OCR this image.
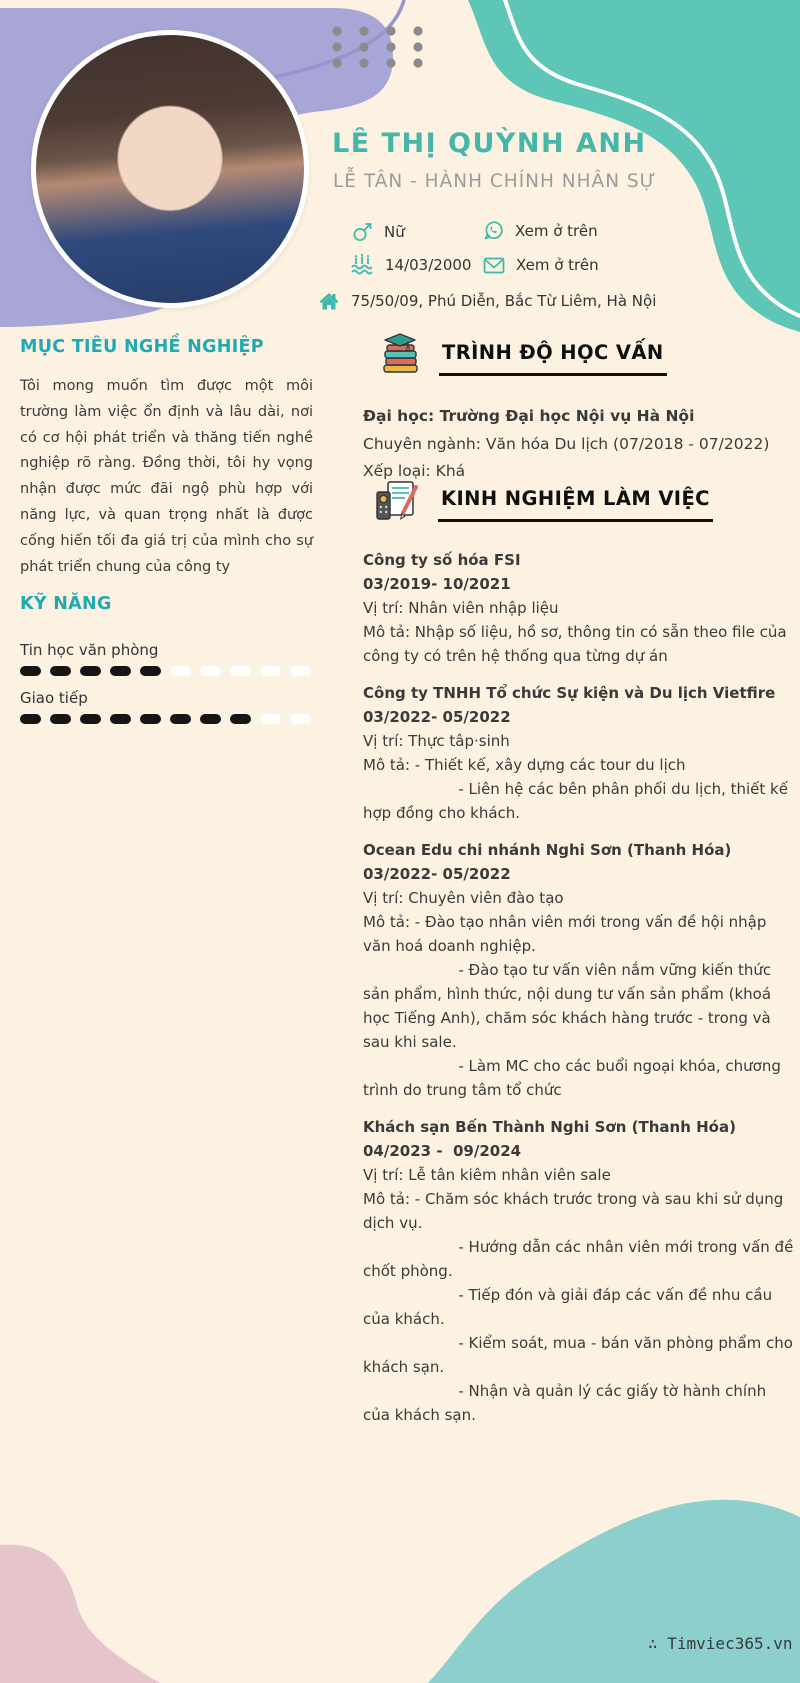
LÊ THỊ QUỲNH ANH
LỄ TÂN - HÀNH CHÍNH NHÂN SỰ
Nữ	Xem ở trên
14/03/2000	Xem ở trên
75/50/09, Phú Diễn, Bắc Từ Liêm, Hà Nội
MỤC TIÊU NGHỀ NGHIỆP
Tôi mong muốn tìm được một môi trường làm việc ổn định và lâu dài, nơi có cơ hội phát triển và thăng tiến nghề nghiệp rõ ràng. Đồng thời, tôi hy vọng nhận được mức đãi ngộ phù hợp với năng lực, và quan trọng nhất là được cống hiến tối đa giá trị của mình cho sự phát triển chung của công ty
KỸ NĂNG
Tin học văn phòng
Giao tiếp
TRÌNH ĐỘ HỌC VẤN
Đại học: Trường Đại học Nội vụ Hà Nội
Chuyên ngành: Văn hóa Du lịch (07/2018 - 07/2022)
Xếp loại: Khá
KINH NGHIỆM LÀM VIỆC
Công ty số hóa FSI
03/2019- 10/2021
Vị trí: Nhân viên nhập liệu
Mô tả: Nhập số liệu, hồ sơ, thông tin có sẵn theo file của công ty có trên hệ thống qua từng dự án
Công ty TNHH Tổ chức Sự kiện và Du lịch Vietfire
03/2022- 05/2022
Vị trí: Thực tâp·sinh
Mô tả: - Thiết kế, xây dựng các tour du lịch
- Liên hệ các bên phân phối du lịch, thiết kế hợp đồng cho khách.
Ocean Edu chi nhánh Nghi Sơn (Thanh Hóa)
03/2022- 05/2022
Vị trí: Chuyên viên đào tạo
Mô tả: - Đào tạo nhân viên mới trong vấn đề hội nhập văn hoá doanh nghiệp.
- Đào tạo tư vấn viên nắm vững kiến thức sản phẩm, hình thức, nội dung tư vấn sản phẩm (khoá học Tiếng Anh), chăm sóc khách hàng trước - trong và sau khi sale.
- Làm MC cho các buổi ngoại khóa, chương trình do trung tâm tổ chức
Khách sạn Bến Thành Nghi Sơn (Thanh Hóa)
04/2023 -  09/2024
Vị trí: Lễ tân kiêm nhân viên sale
Mô tả: - Chăm sóc khách trước trong và sau khi sử dụng dịch vụ.
- Hướng dẫn các nhân viên mới trong vấn đề chốt phòng.
- Tiếp đón và giải đáp các vấn đề nhu cầu của khách.
- Kiểm soát, mua - bán văn phòng phẩm cho khách sạn.
- Nhận và quản lý các giấy tờ hành chính của khách sạn.
∴ Timviec365.vn
